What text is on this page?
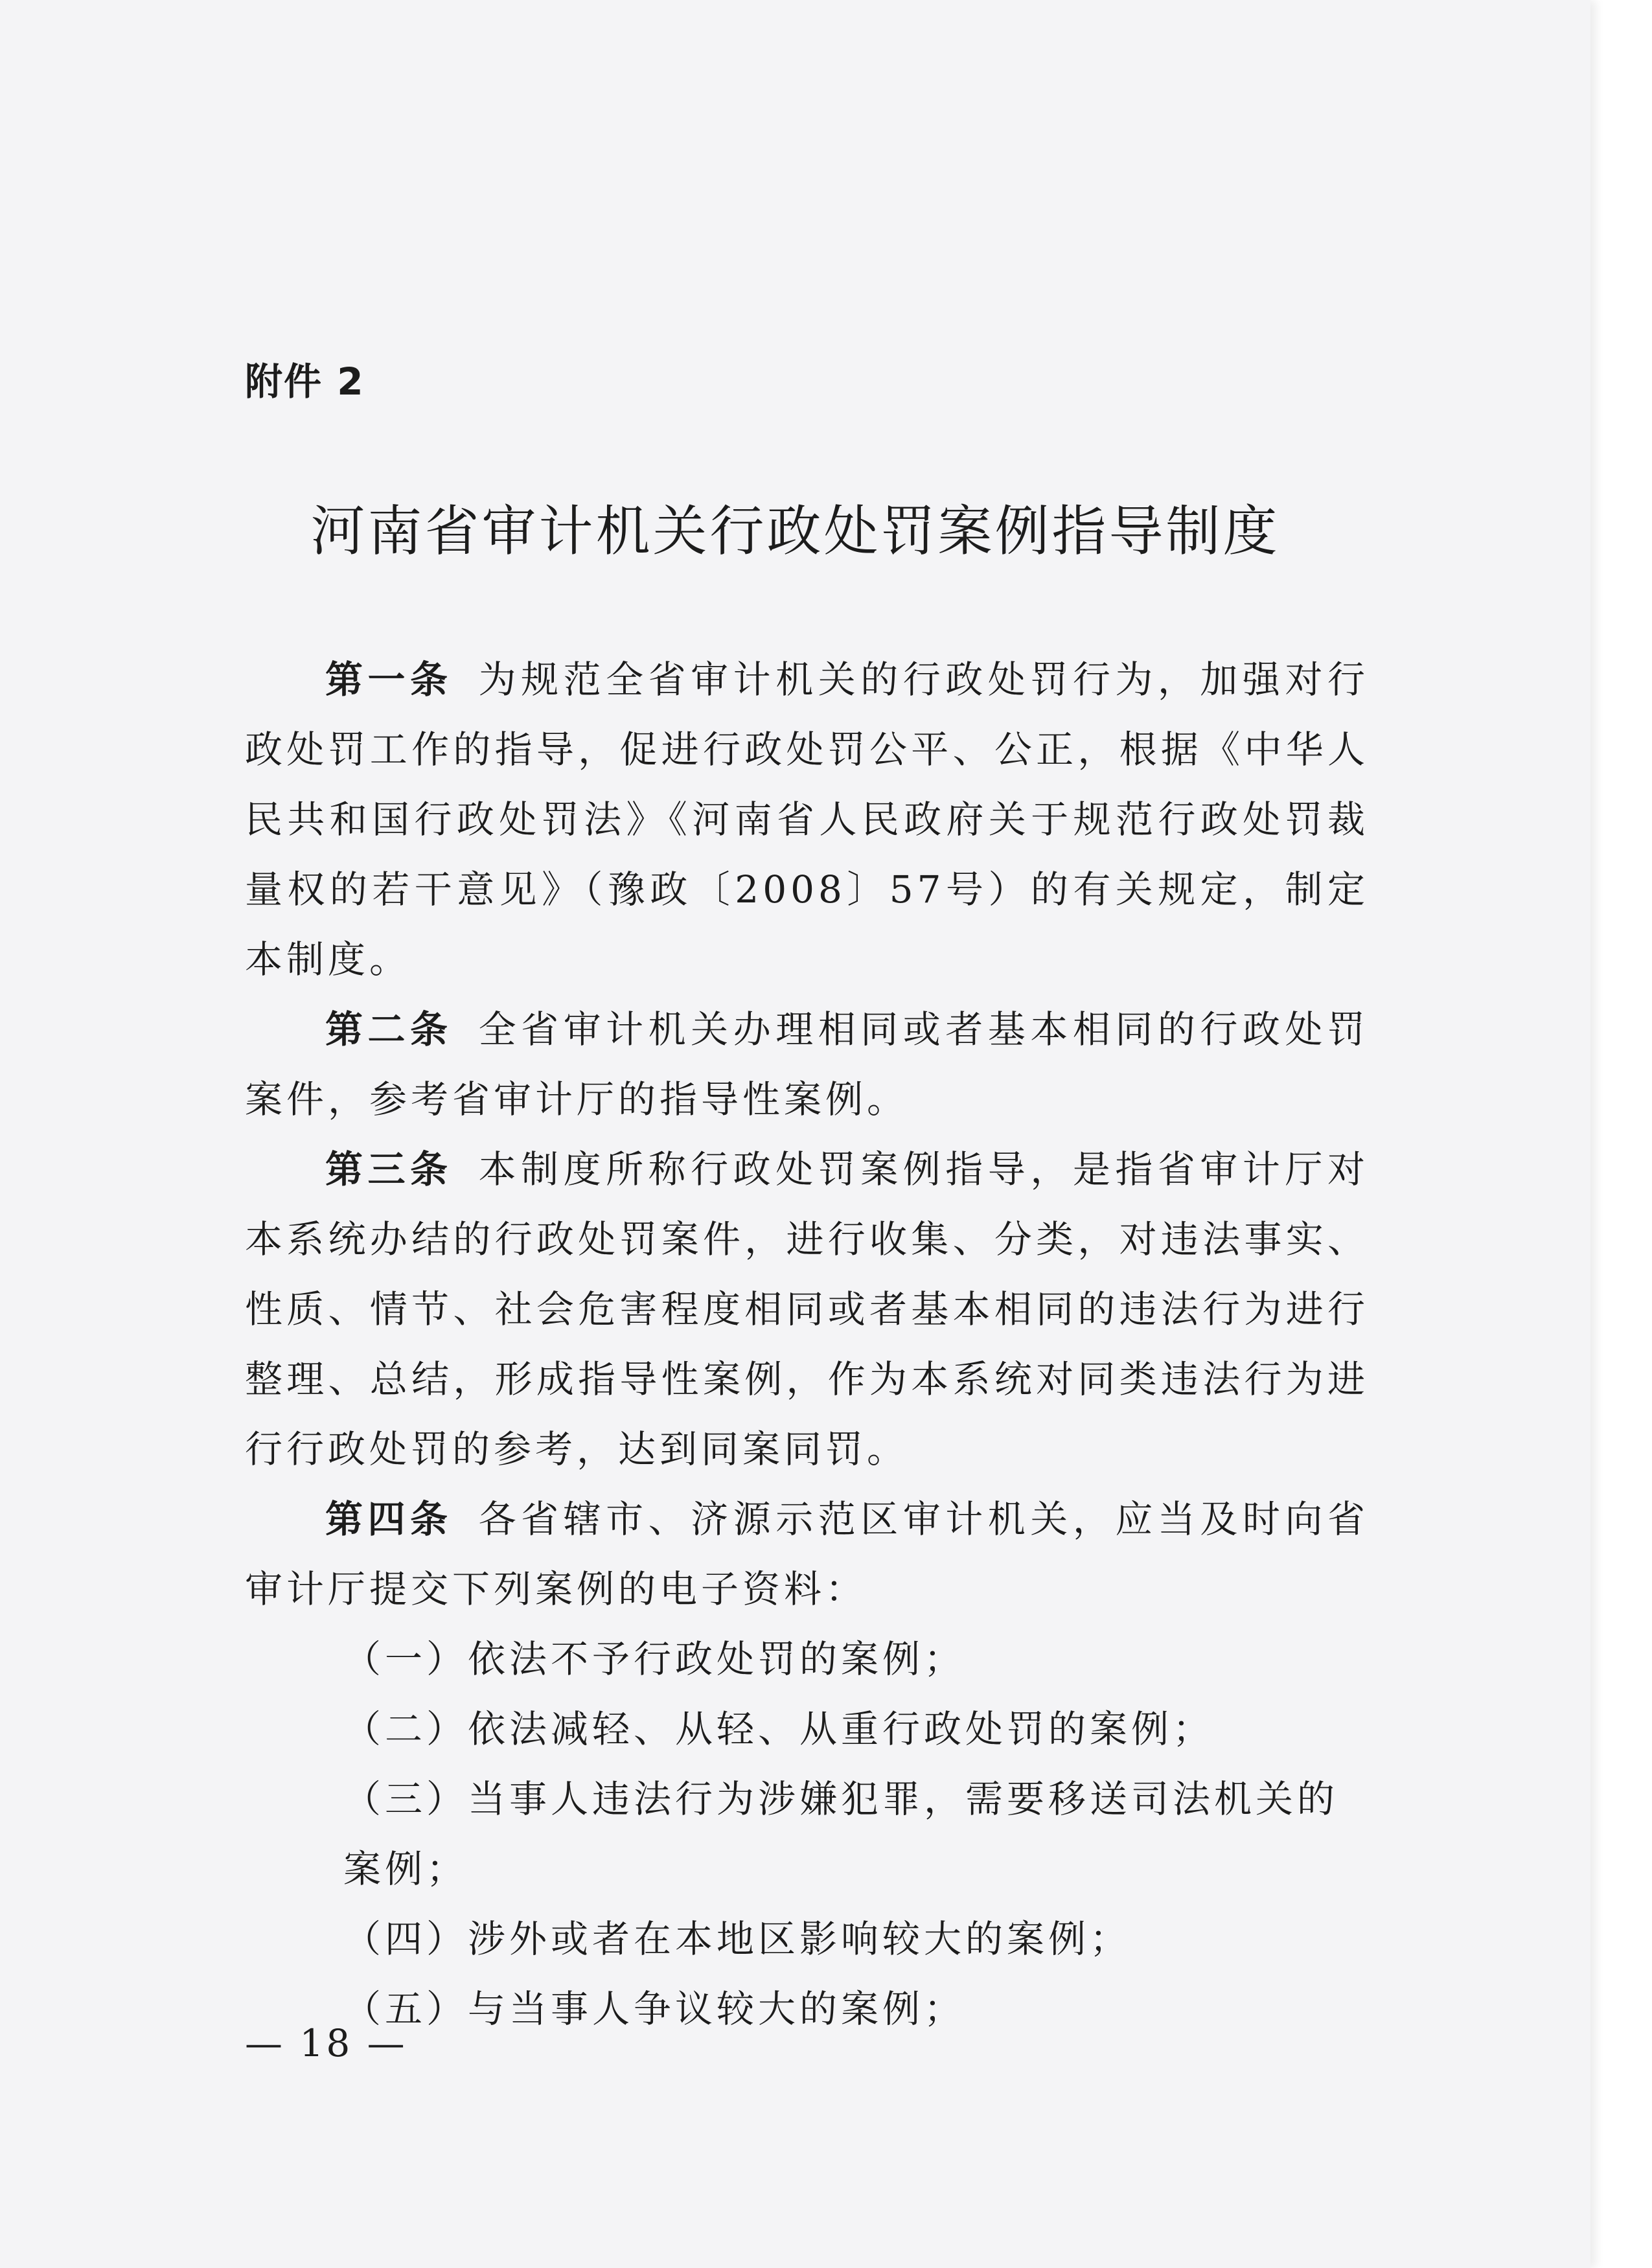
附件 2
河南省审计机关行政处罚案例指导制度

第一条 为规范全省审计机关的行政处罚行为，加强对行政处罚工作的指导，促进行政处罚公平、公正，根据《中华人民共和国行政处罚法》《河南省人民政府关于规范行政处罚裁量权的若干意见》（豫政〔2008〕57号）的有关规定，制定本制度。

第二条 全省审计机关办理相同或者基本相同的行政处罚案件，参考省审计厅的指导性案例。

第三条 本制度所称行政处罚案例指导，是指省审计厅对本系统办结的行政处罚案件，进行收集、分类，对违法事实、性质、情节、社会危害程度相同或者基本相同的违法行为进行整理、总结，形成指导性案例，作为本系统对同类违法行为进行行政处罚的参考，达到同案同罚。

第四条 各省辖市、济源示范区审计机关，应当及时向省审计厅提交下列案例的电子资料：

（一）依法不予行政处罚的案例；

（二）依法减轻、从轻、从重行政处罚的案例；

（三）当事人违法行为涉嫌犯罪，需要移送司法机关的案例；

（四）涉外或者在本地区影响较大的案例；

（五）与当事人争议较大的案例；

— 18 —
